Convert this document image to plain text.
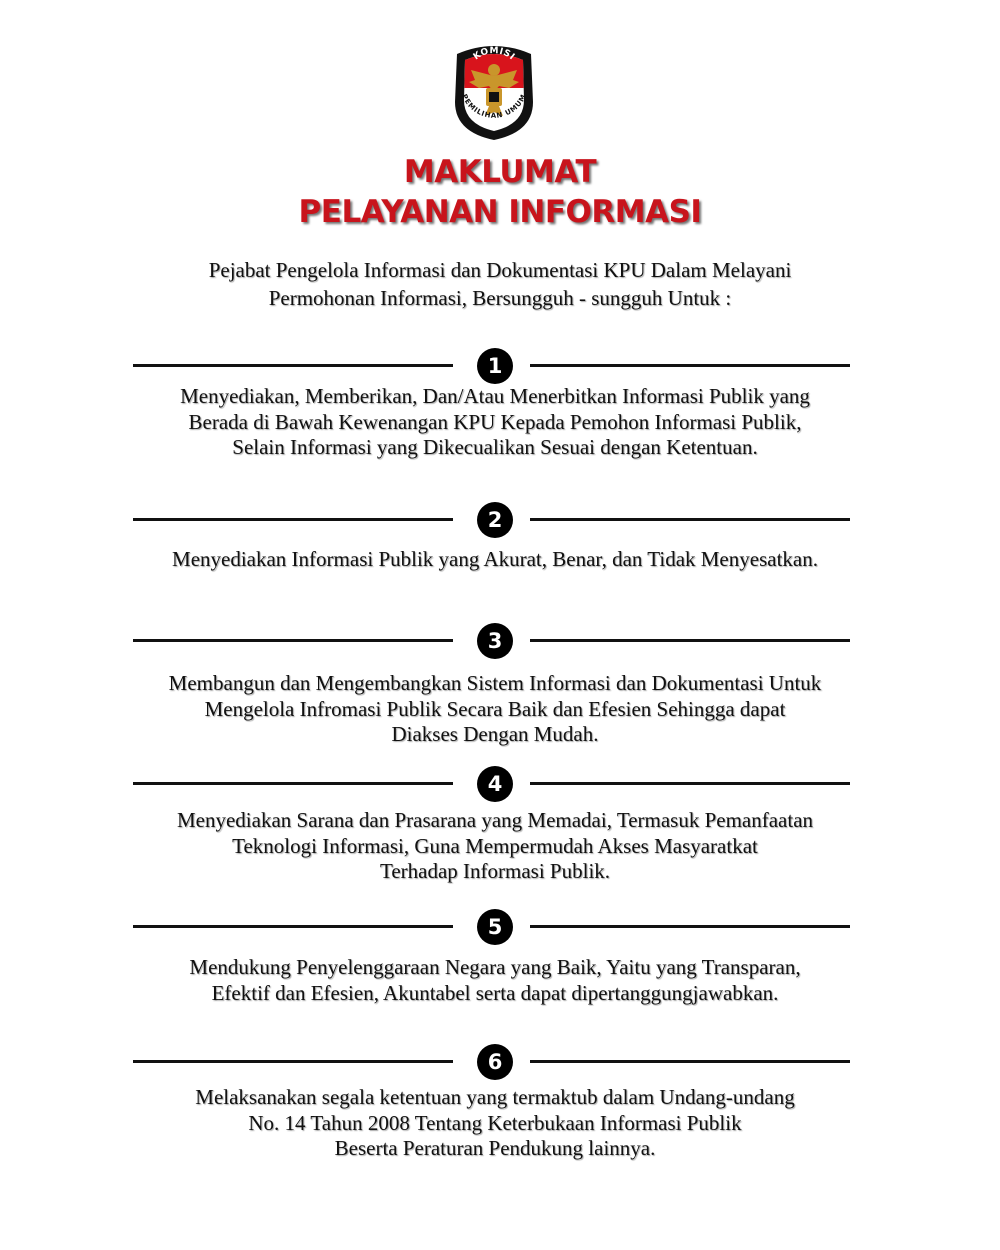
KOMISI
PEMILIHAN UMUM
MAKLUMAT
PELAYANAN INFORMASI
Pejabat Pengelola Informasi dan Dokumentasi KPU Dalam Melayani
Permohonan Informasi, Bersungguh - sungguh Untuk :
1
Menyediakan, Memberikan, Dan/Atau Menerbitkan Informasi Publik yang
Berada di Bawah Kewenangan KPU Kepada Pemohon Informasi Publik,
Selain Informasi yang Dikecualikan Sesuai dengan Ketentuan.
2
Menyediakan Informasi Publik yang Akurat, Benar, dan Tidak Menyesatkan.
3
Membangun dan Mengembangkan Sistem Informasi dan Dokumentasi Untuk
Mengelola Infromasi Publik Secara Baik dan Efesien Sehingga dapat
Diakses Dengan Mudah.
4
Menyediakan Sarana dan Prasarana yang Memadai, Termasuk Pemanfaatan
Teknologi Informasi, Guna Mempermudah Akses Masyaratkat
Terhadap Informasi Publik.
5
Mendukung Penyelenggaraan Negara yang Baik, Yaitu yang Transparan,
Efektif dan Efesien, Akuntabel serta dapat dipertanggungjawabkan.
6
Melaksanakan segala ketentuan yang termaktub dalam Undang-undang
No. 14 Tahun 2008 Tentang Keterbukaan Informasi Publik
Beserta Peraturan Pendukung lainnya.
